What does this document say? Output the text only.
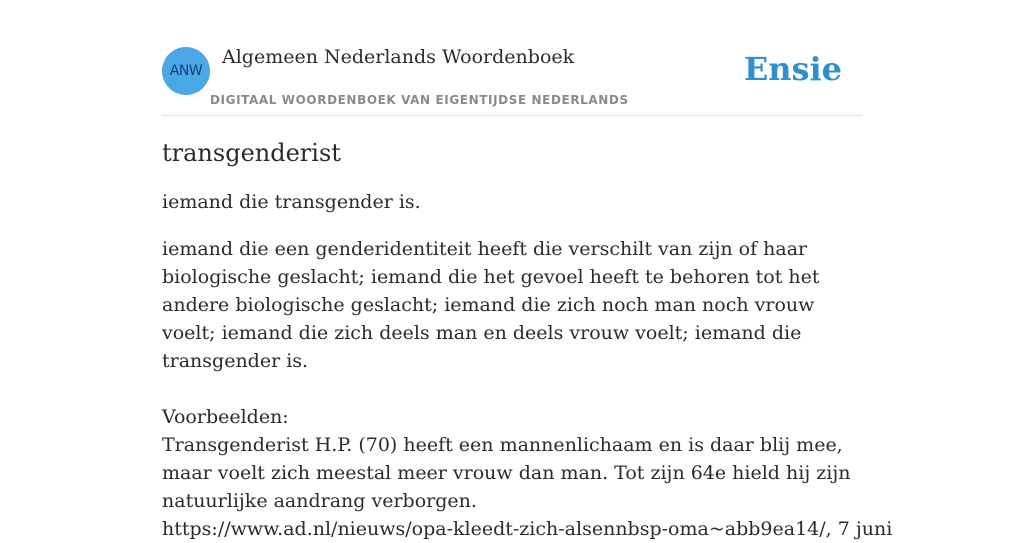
ANW
Algemeen Nederlands Woordenboek
DIGITAAL WOORDENBOEK VAN EIGENTIJDSE NEDERLANDS
Ensie
transgenderist

iemand die transgender is.

iemand die een genderidentiteit heeft die verschilt van zijn of haar biologische geslacht; iemand die het gevoel heeft te behoren tot het andere biologische geslacht; iemand die zich noch man noch vrouw voelt; iemand die zich deels man en deels vrouw voelt; iemand die transgender is.

Voorbeelden:

Transgenderist H.P. (70) heeft een mannenlichaam en is daar blij mee, maar voelt zich meestal meer vrouw dan man. Tot zijn 64e hield hij zijn natuurlijke aandrang verborgen.

https://www.ad.nl/nieuws/opa-kleedt-zich-alsennbsp-oma~abb9ea14/, 7 juni
